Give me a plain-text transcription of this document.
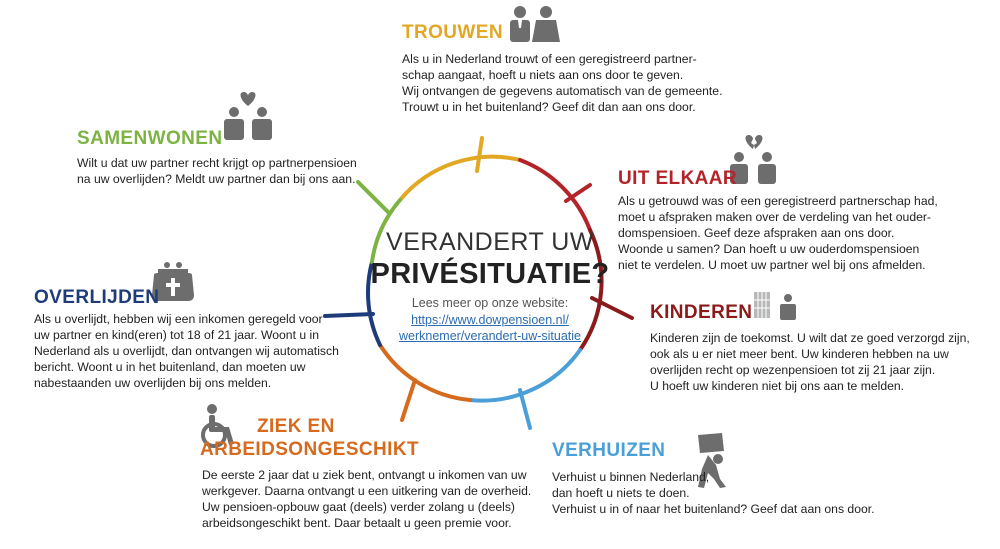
VERANDERT UW
PRIVÉSITUATIE?
Lees meer op onze website:
https://www.dowpensioen.nl/
werknemer/verandert-uw-situatie
TROUWEN
Als u in Nederland trouwt of een geregistreerd partner-
schap aangaat, hoeft u niets aan ons door te geven.
Wij ontvangen de gegevens automatisch van de gemeente.
Trouwt u in het buitenland? Geef dit dan aan ons door.
SAMENWONEN
Wilt u dat uw partner recht krijgt op partnerpensioen
na uw overlijden? Meldt uw partner dan bij ons aan.	UIT ELKAAR
Als u getrouwd was of een geregistreerd partnerschap had,
moet u afspraken maken over de verdeling van het ouder-
domspensioen. Geef deze afspraken aan ons door.
Woonde u samen? Dan hoeft u uw ouderdomspensioen
niet te verdelen. U moet uw partner wel bij ons afmelden.
OVERLIJDEN
Als u overlijdt, hebben wij een inkomen geregeld voor
uw partner en kind(eren) tot 18 of 21 jaar. Woont u in
Nederland als u overlijdt, dan ontvangen wij automatisch
bericht. Woont u in het buitenland, dan moeten uw
nabestaanden uw overlijden bij ons melden.
KINDEREN
Kinderen zijn de toekomst. U wilt dat ze goed verzorgd zijn,
ook als u er niet meer bent. Uw kinderen hebben na uw
overlijden recht op wezenpensioen tot zij 21 jaar zijn.
U hoeft uw kinderen niet bij ons aan te melden.
ZIEK EN
ARBEIDSONGESCHIKT
De eerste 2 jaar dat u ziek bent, ontvangt u inkomen van uw
werkgever. Daarna ontvangt u een uitkering van de overheid.
Uw pensioen-opbouw gaat (deels) verder zolang u (deels)
arbeidsongeschikt bent. Daar betaalt u geen premie voor.
VERHUIZEN
Verhuist u binnen Nederland,
dan hoeft u niets te doen.
Verhuist u in of naar het buitenland? Geef dat aan ons door.
